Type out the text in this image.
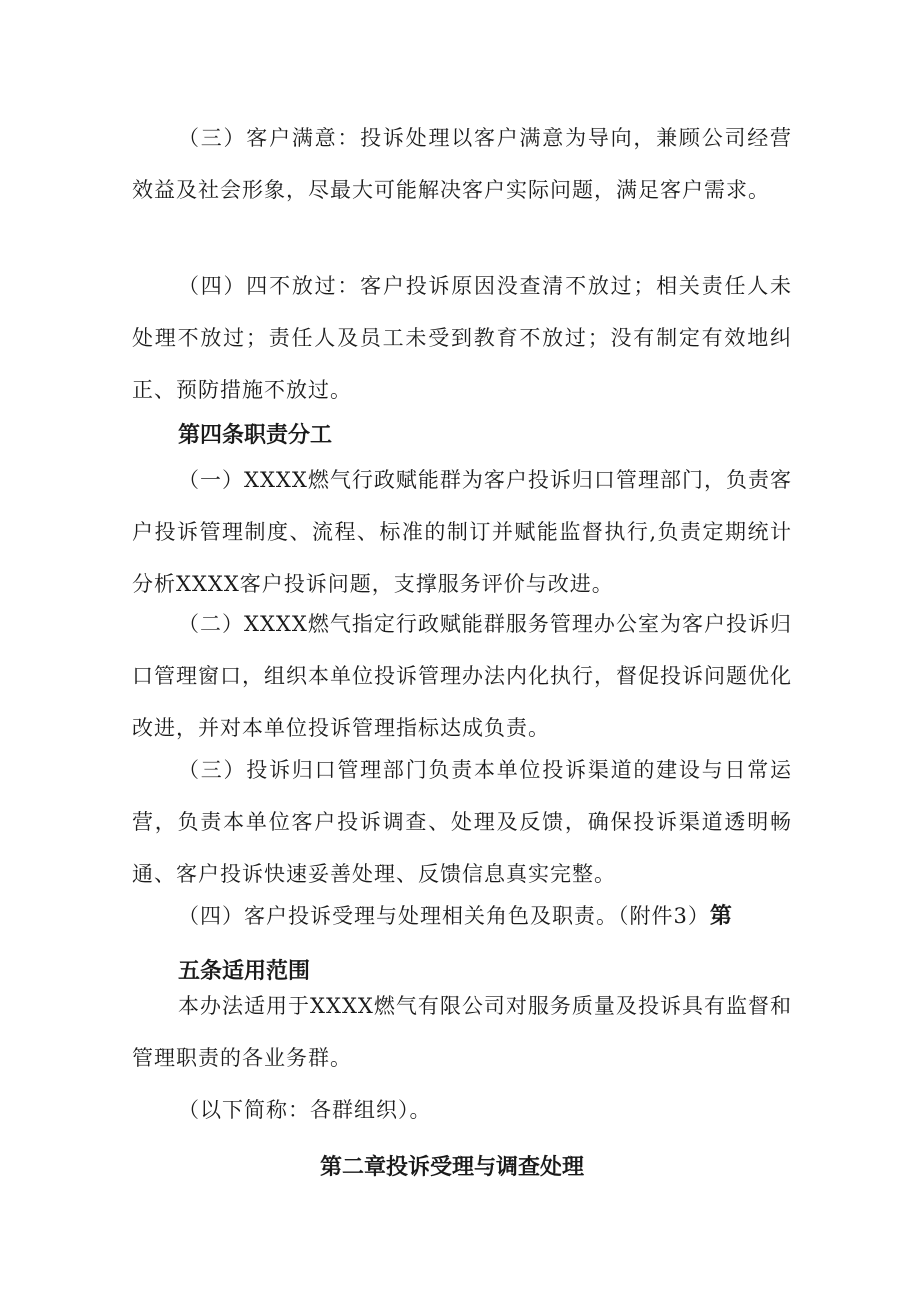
（三）客户满意：投诉处理以客户满意为导向，兼顾公司经营效益及社会形象，尽最大可能解决客户实际问题，满足客户需求。

（四）四不放过：客户投诉原因没查清不放过；相关责任人未处理不放过；责任人及员工未受到教育不放过；没有制定有效地纠正、预防措施不放过。

第四条职责分工

（一）XXXX燃气行政赋能群为客户投诉归口管理部门，负责客户投诉管理制度、流程、标准的制订并赋能监督执行,负责定期统计分析XXXX客户投诉问题，支撑服务评价与改进。

（二）XXXX燃气指定行政赋能群服务管理办公室为客户投诉归口管理窗口，组织本单位投诉管理办法内化执行，督促投诉问题优化改进，并对本单位投诉管理指标达成负责。

（三）投诉归口管理部门负责本单位投诉渠道的建设与日常运营，负责本单位客户投诉调查、处理及反馈，确保投诉渠道透明畅通、客户投诉快速妥善处理、反馈信息真实完整。

（四）客户投诉受理与处理相关角色及职责。（附件3）第

五条适用范围

本办法适用于XXXX燃气有限公司对服务质量及投诉具有监督和管理职责的各业务群。

（以下简称：各群组织）。

第二章投诉受理与调查处理
